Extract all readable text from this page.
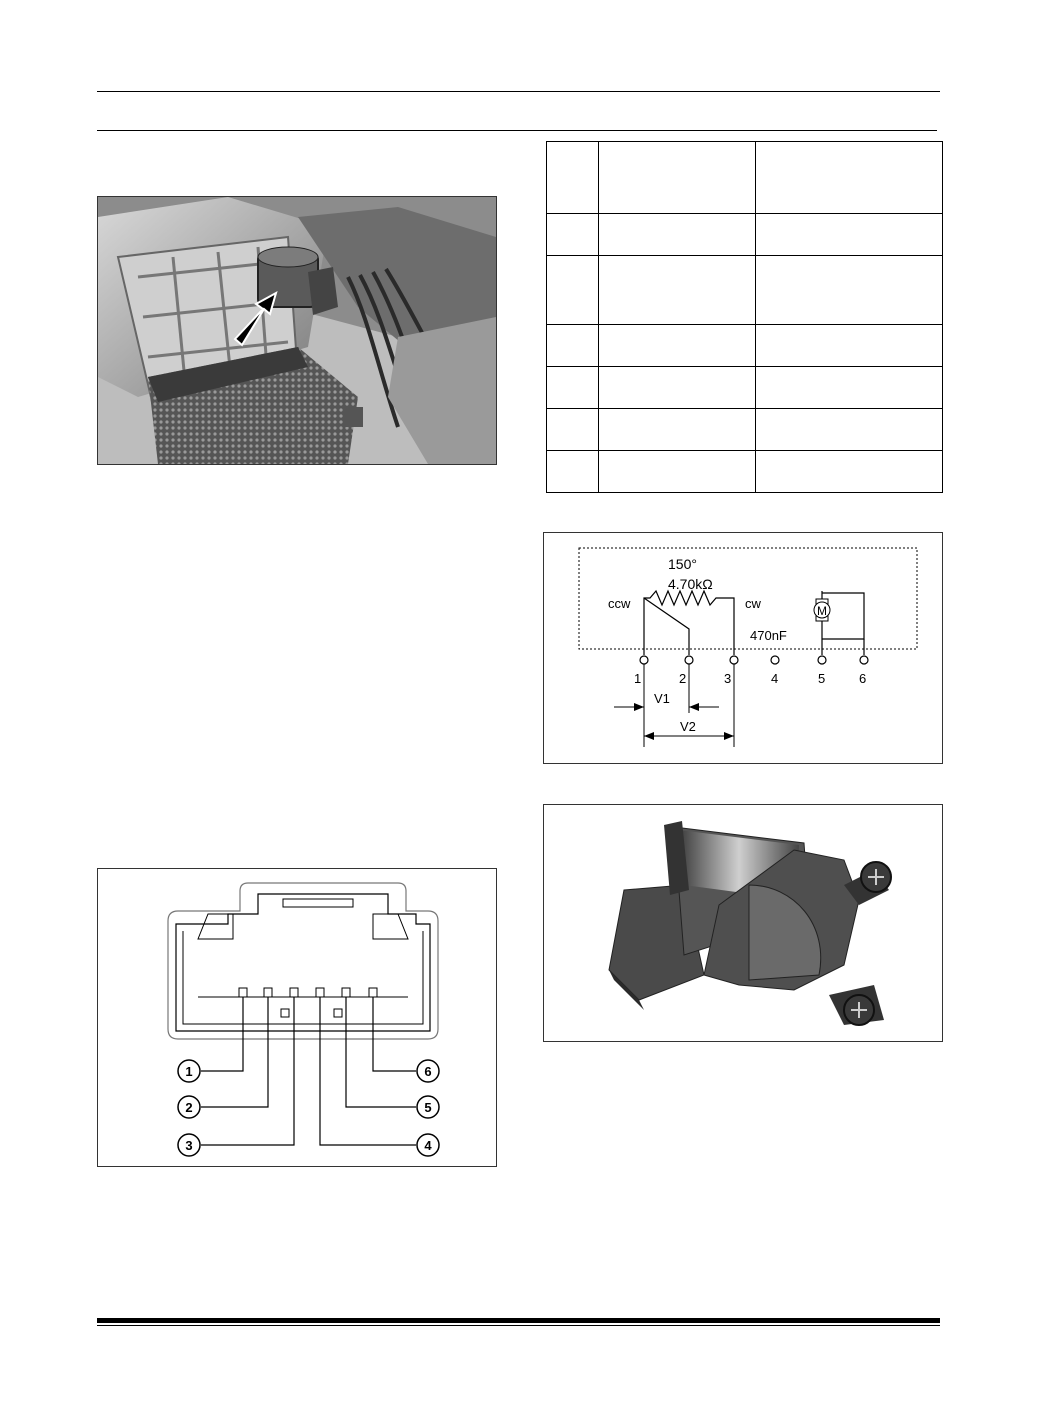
150°
4.70kΩ
ccw	cw
470nF
M
1	2	3	4	5	6
V1
V2
1
2
3	4
5
6
